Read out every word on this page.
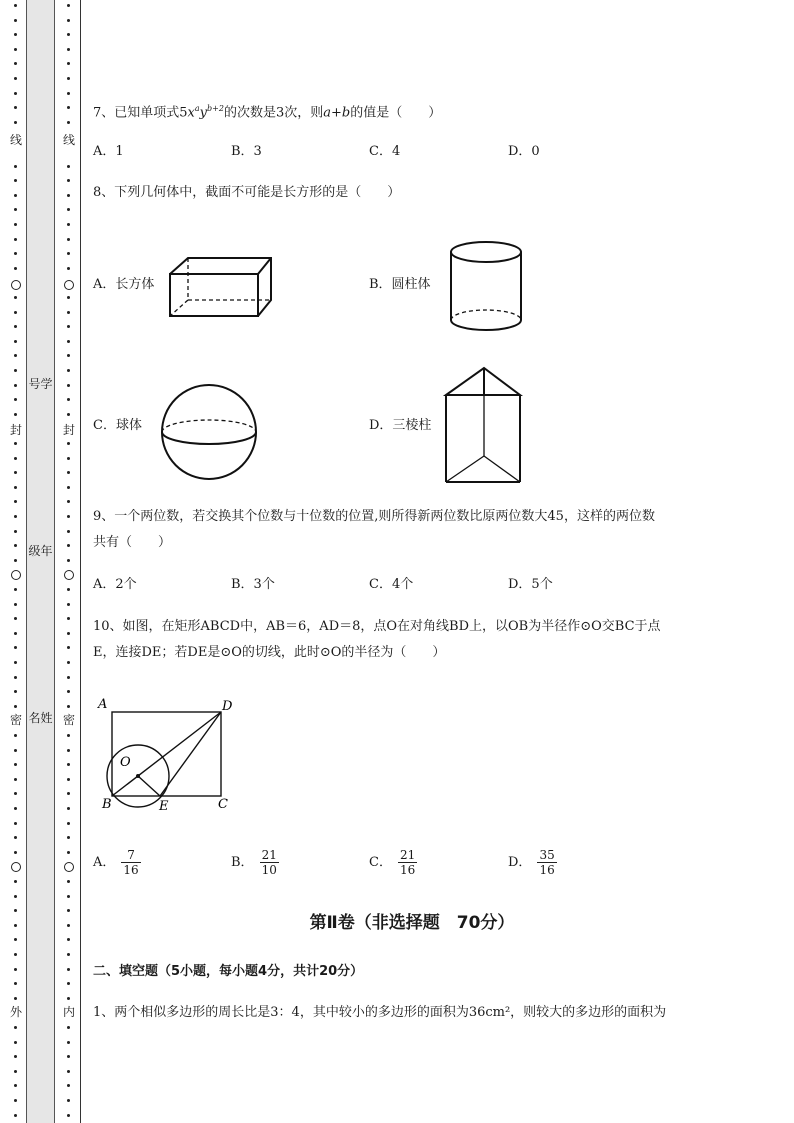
线
封
密
外
号学
级年
名姓
线
封
密
内
7、已知单项式$5x^ay^{b+2}$的次数是3次，则a+b的值是（　　）
A．1	B．3	C．4	D．0
8、下列几何体中，截面不可能是长方形的是（　　）
A．长方体	B．圆柱体
C．球体	D．三棱柱
9、一个两位数，若交换其个位数与十位数的位置,则所得新两位数比原两位数大45，这样的两位数
共有（　　）
A．2个	B．3个	C．4个	D．5个
10、如图，在矩形ABCD中，AB＝6，AD＝8，点O在对角线BD上，以OB为半径作⊙O交BC于点
E，连接DE；若DE是⊙O的切线，此时⊙O的半径为（　　）
A	D
O
B	E	C
A． $\frac{7}{16}$	B． $\frac{21}{10}$	C． $\frac{21}{16}$	D． $\frac{35}{16}$
第Ⅱ卷（非选择题　70分）
二、填空题（5小题，每小题4分，共计20分）
1、两个相似多边形的周长比是3：4，其中较小的多边形的面积为36cm²，则较大的多边形的面积为
